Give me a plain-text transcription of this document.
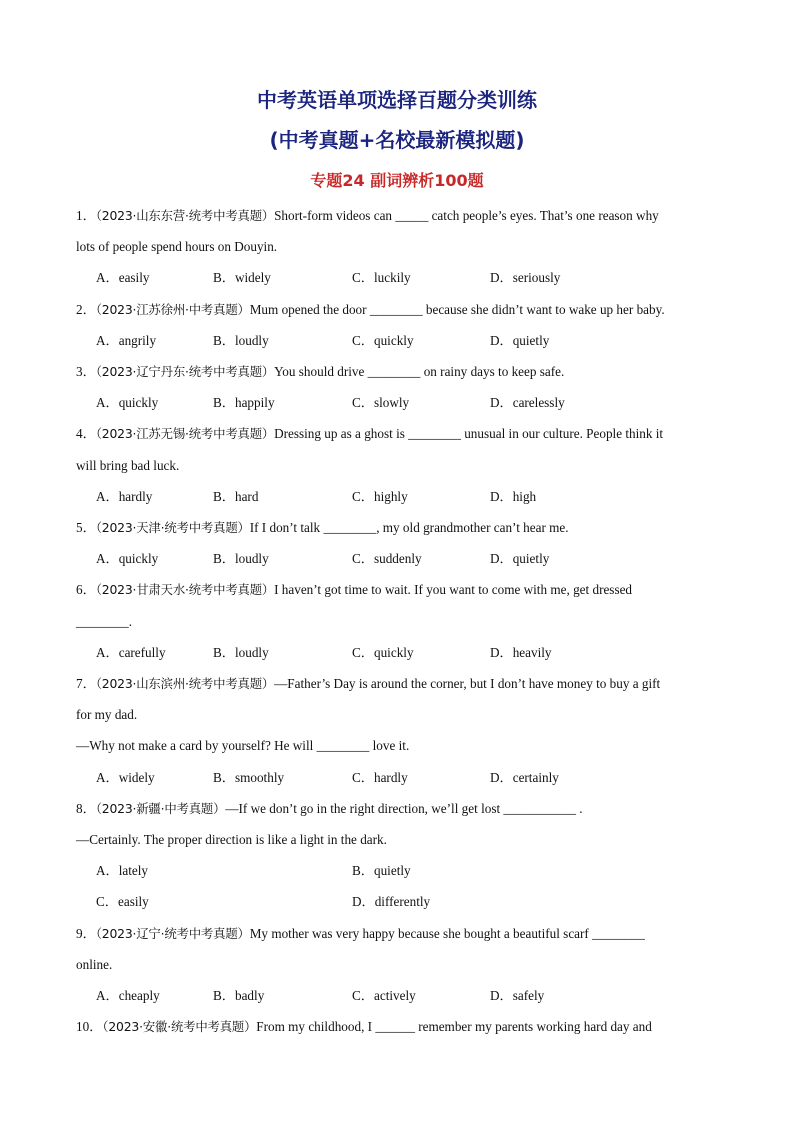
中考英语单项选择百题分类训练
(中考真题+名校最新模拟题)
专题24 副词辨析100题
1．（2023·山东东营·统考中考真题）Short-form videos can _____ catch people’s eyes. That’s one reason why
lots of people spend hours on Douyin.
A．easily	B．widely	C．luckily	D．seriously
2．（2023·江苏徐州·中考真题）Mum opened the door ________ because she didn’t want to wake up her baby.
A．angrily	B．loudly	C．quickly	D．quietly
3．（2023·辽宁丹东·统考中考真题）You should drive ________ on rainy days to keep safe.
A．quickly	B．happily	C．slowly	D．carelessly
4．（2023·江苏无锡·统考中考真题）Dressing up as a ghost is ________ unusual in our culture. People think it
will bring bad luck.
A．hardly	B．hard	C．highly	D．high
5．（2023·天津·统考中考真题）If I don’t talk ________, my old grandmother can’t hear me.
A．quickly	B．loudly	C．suddenly	D．quietly
6．（2023·甘肃天水·统考中考真题）I haven’t got time to wait. If you want to come with me, get dressed
________.
A．carefully	B．loudly	C．quickly	D．heavily
7．（2023·山东滨州·统考中考真题）—Father’s Day is around the corner, but I don’t have money to buy a gift
for my dad.
—Why not make a card by yourself? He will ________ love it.
A．widely	B．smoothly	C．hardly	D．certainly
8．（2023·新疆·中考真题）—If we don’t go in the right direction, we’ll get lost ___________ .
—Certainly. The proper direction is like a light in the dark.
A．lately	B．quietly
C．easily	D．differently
9．（2023·辽宁·统考中考真题）My mother was very happy because she bought a beautiful scarf ________
online.
A．cheaply	B．badly	C．actively	D．safely
10．（2023·安徽·统考中考真题）From my childhood, I ______ remember my parents working hard day and
